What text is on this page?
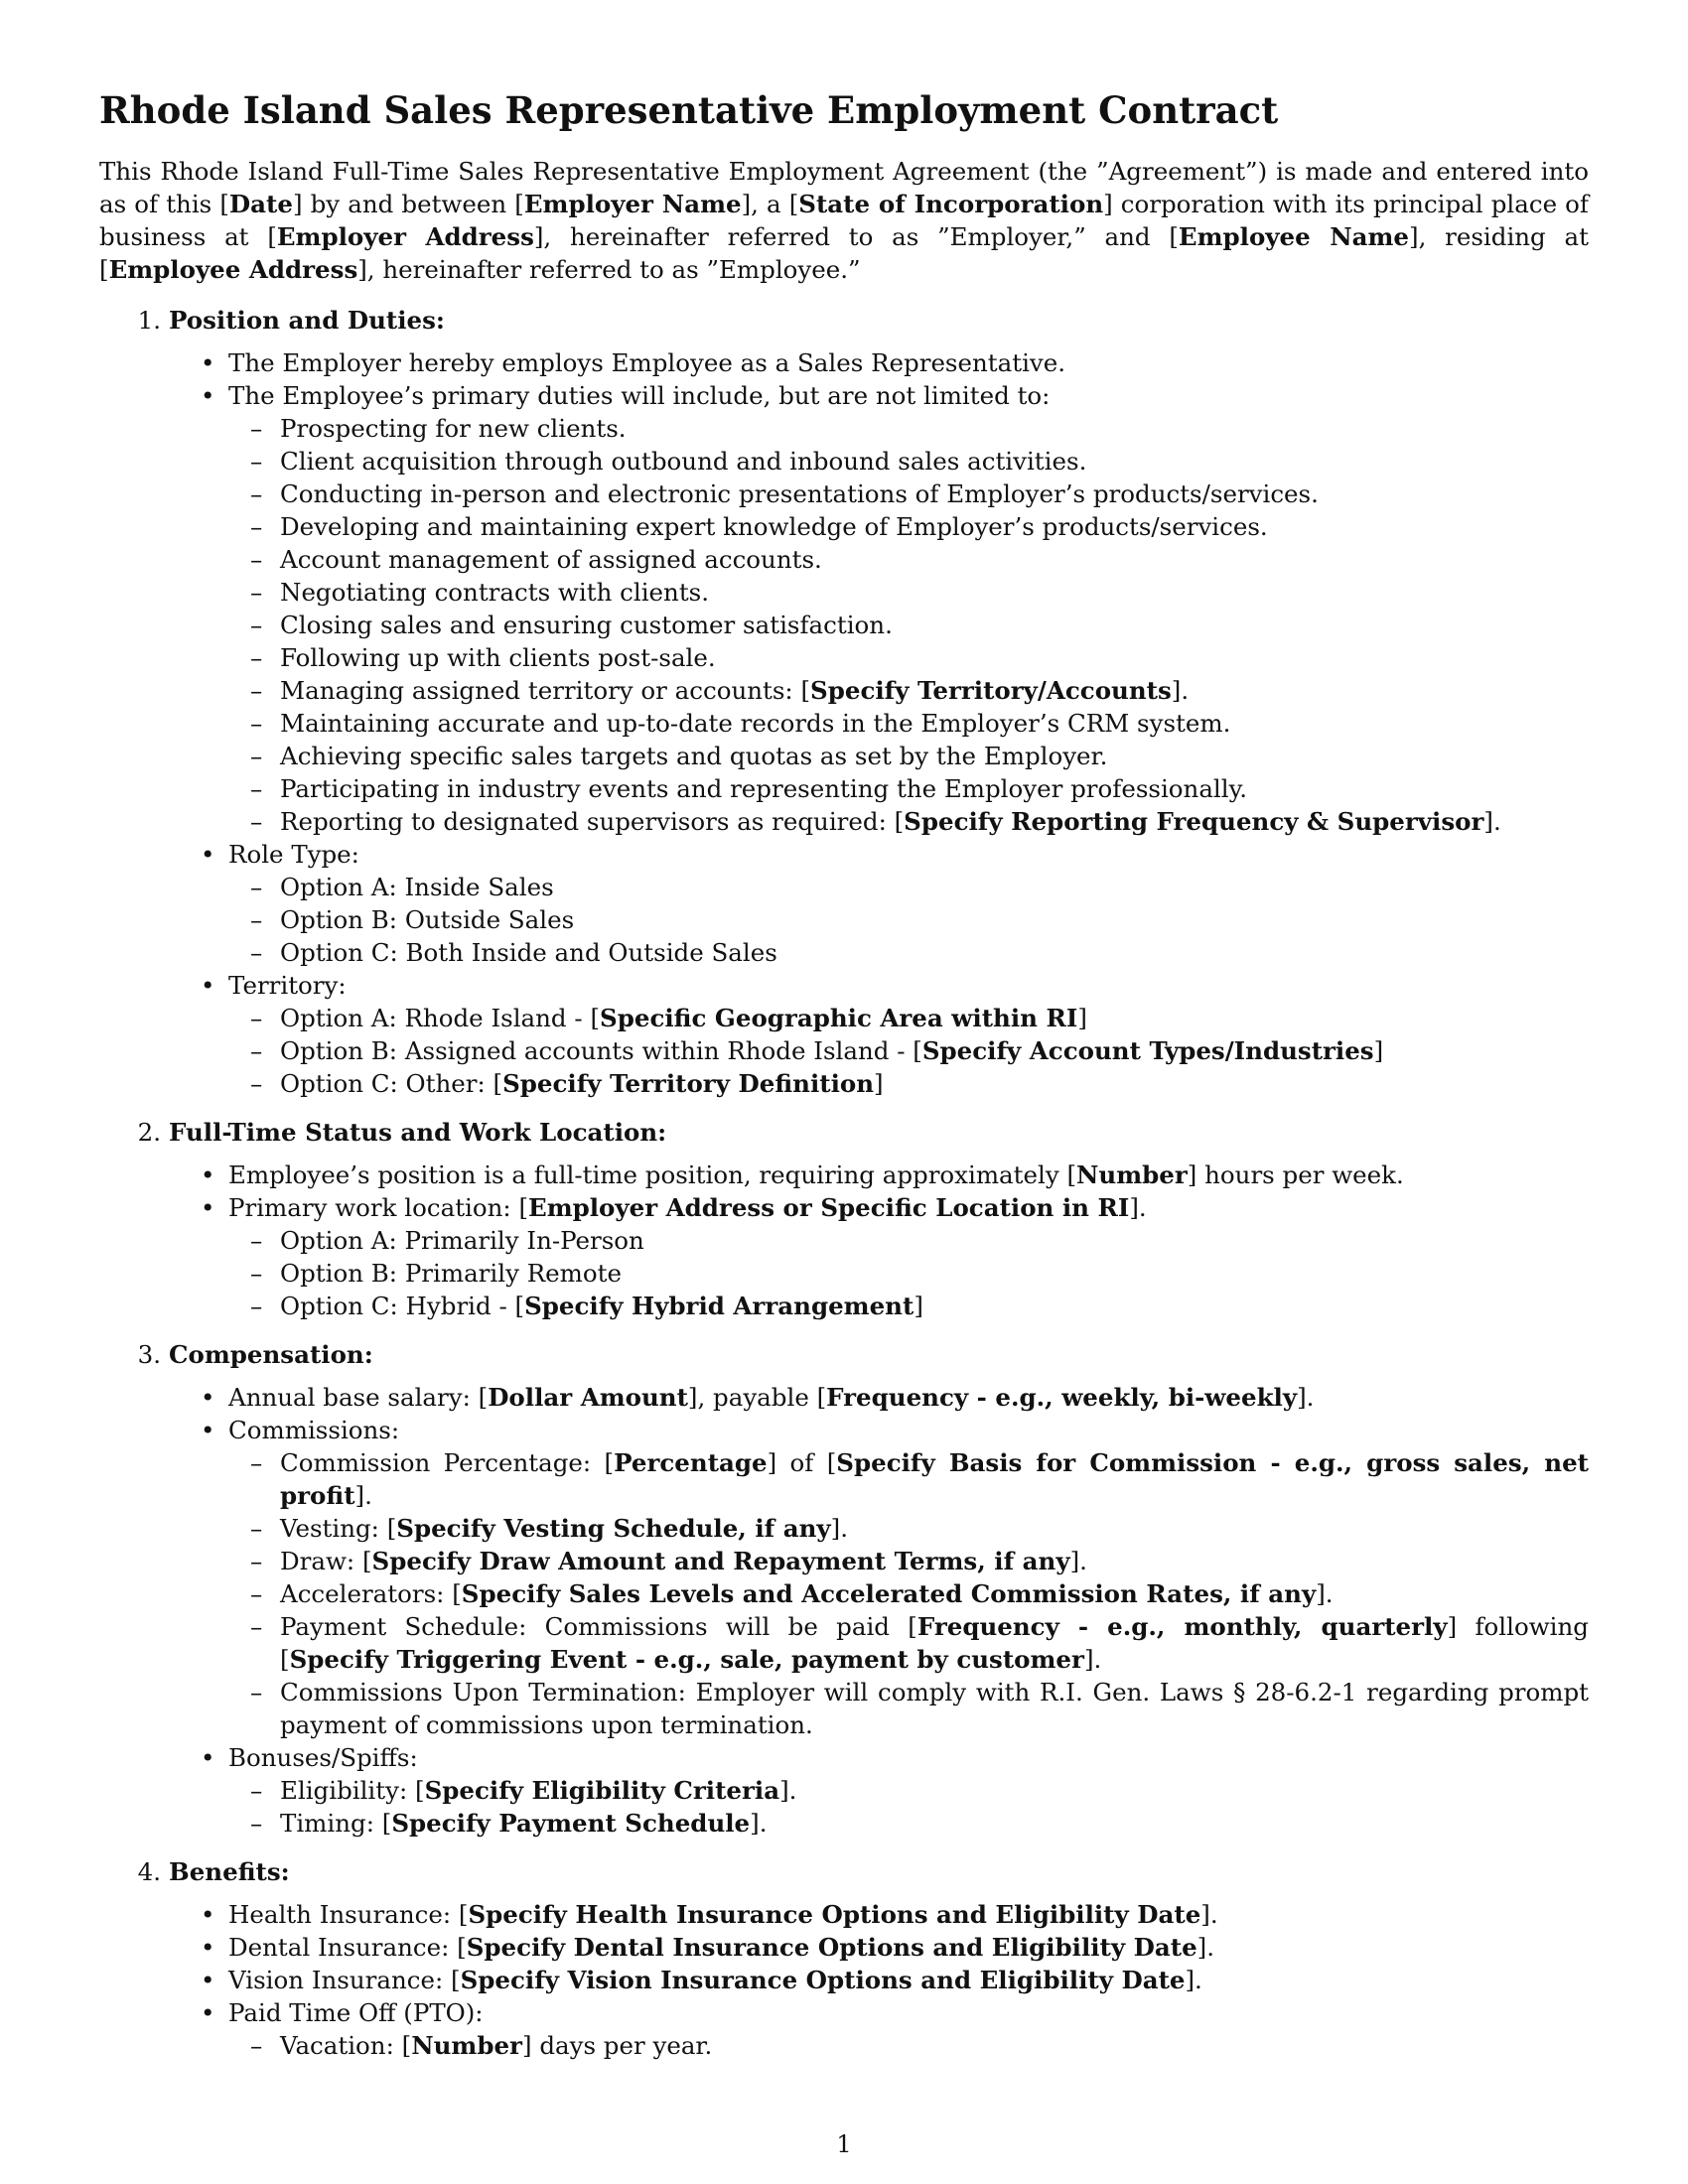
Rhode Island Sales Representative Employment Contract

This Rhode Island Full-Time Sales Representative Employment Agreement (the ”Agreement”) is made and entered into as of this [Date] by and between [Employer Name], a [State of Incorporation] corporation with its principal place of business at [Employer Address], hereinafter referred to as ”Employer,” and [Employee Name], residing at [Employee Address], hereinafter referred to as ”Employee.”

1. Position and Duties:
• The Employer hereby employs Employee as a Sales Representative.
• The Employee’s primary duties will include, but are not limited to:
– Prospecting for new clients.
– Client acquisition through outbound and inbound sales activities.
– Conducting in-person and electronic presentations of Employer’s products/services.
– Developing and maintaining expert knowledge of Employer’s products/services.
– Account management of assigned accounts.
– Negotiating contracts with clients.
– Closing sales and ensuring customer satisfaction.
– Following up with clients post-sale.
– Managing assigned territory or accounts: [Specify Territory/Accounts].
– Maintaining accurate and up-to-date records in the Employer’s CRM system.
– Achieving specific sales targets and quotas as set by the Employer.
– Participating in industry events and representing the Employer professionally.
– Reporting to designated supervisors as required: [Specify Reporting Frequency & Supervisor].
• Role Type:
– Option A: Inside Sales
– Option B: Outside Sales
– Option C: Both Inside and Outside Sales
• Territory:
– Option A: Rhode Island - [Specific Geographic Area within RI]
– Option B: Assigned accounts within Rhode Island - [Specify Account Types/Industries]
– Option C: Other: [Specify Territory Definition]
2. Full-Time Status and Work Location:
• Employee’s position is a full-time position, requiring approximately [Number] hours per week.
• Primary work location: [Employer Address or Specific Location in RI].
– Option A: Primarily In-Person
– Option B: Primarily Remote
– Option C: Hybrid - [Specify Hybrid Arrangement]
3. Compensation:
• Annual base salary: [Dollar Amount], payable [Frequency - e.g., weekly, bi-weekly].
• Commissions:
– Commission Percentage: [Percentage] of [Specify Basis for Commission - e.g., gross sales, net profit].
– Vesting: [Specify Vesting Schedule, if any].
– Draw: [Specify Draw Amount and Repayment Terms, if any].
– Accelerators: [Specify Sales Levels and Accelerated Commission Rates, if any].
– Payment Schedule: Commissions will be paid [Frequency - e.g., monthly, quarterly] following [Specify Triggering Event - e.g., sale, payment by customer].
– Commissions Upon Termination: Employer will comply with R.I. Gen. Laws § 28-6.2-1 regarding prompt payment of commissions upon termination.
• Bonuses/Spiffs:
– Eligibility: [Specify Eligibility Criteria].
– Timing: [Specify Payment Schedule].
4. Benefits:
• Health Insurance: [Specify Health Insurance Options and Eligibility Date].
• Dental Insurance: [Specify Dental Insurance Options and Eligibility Date].
• Vision Insurance: [Specify Vision Insurance Options and Eligibility Date].
• Paid Time Off (PTO):
– Vacation: [Number] days per year.
1
